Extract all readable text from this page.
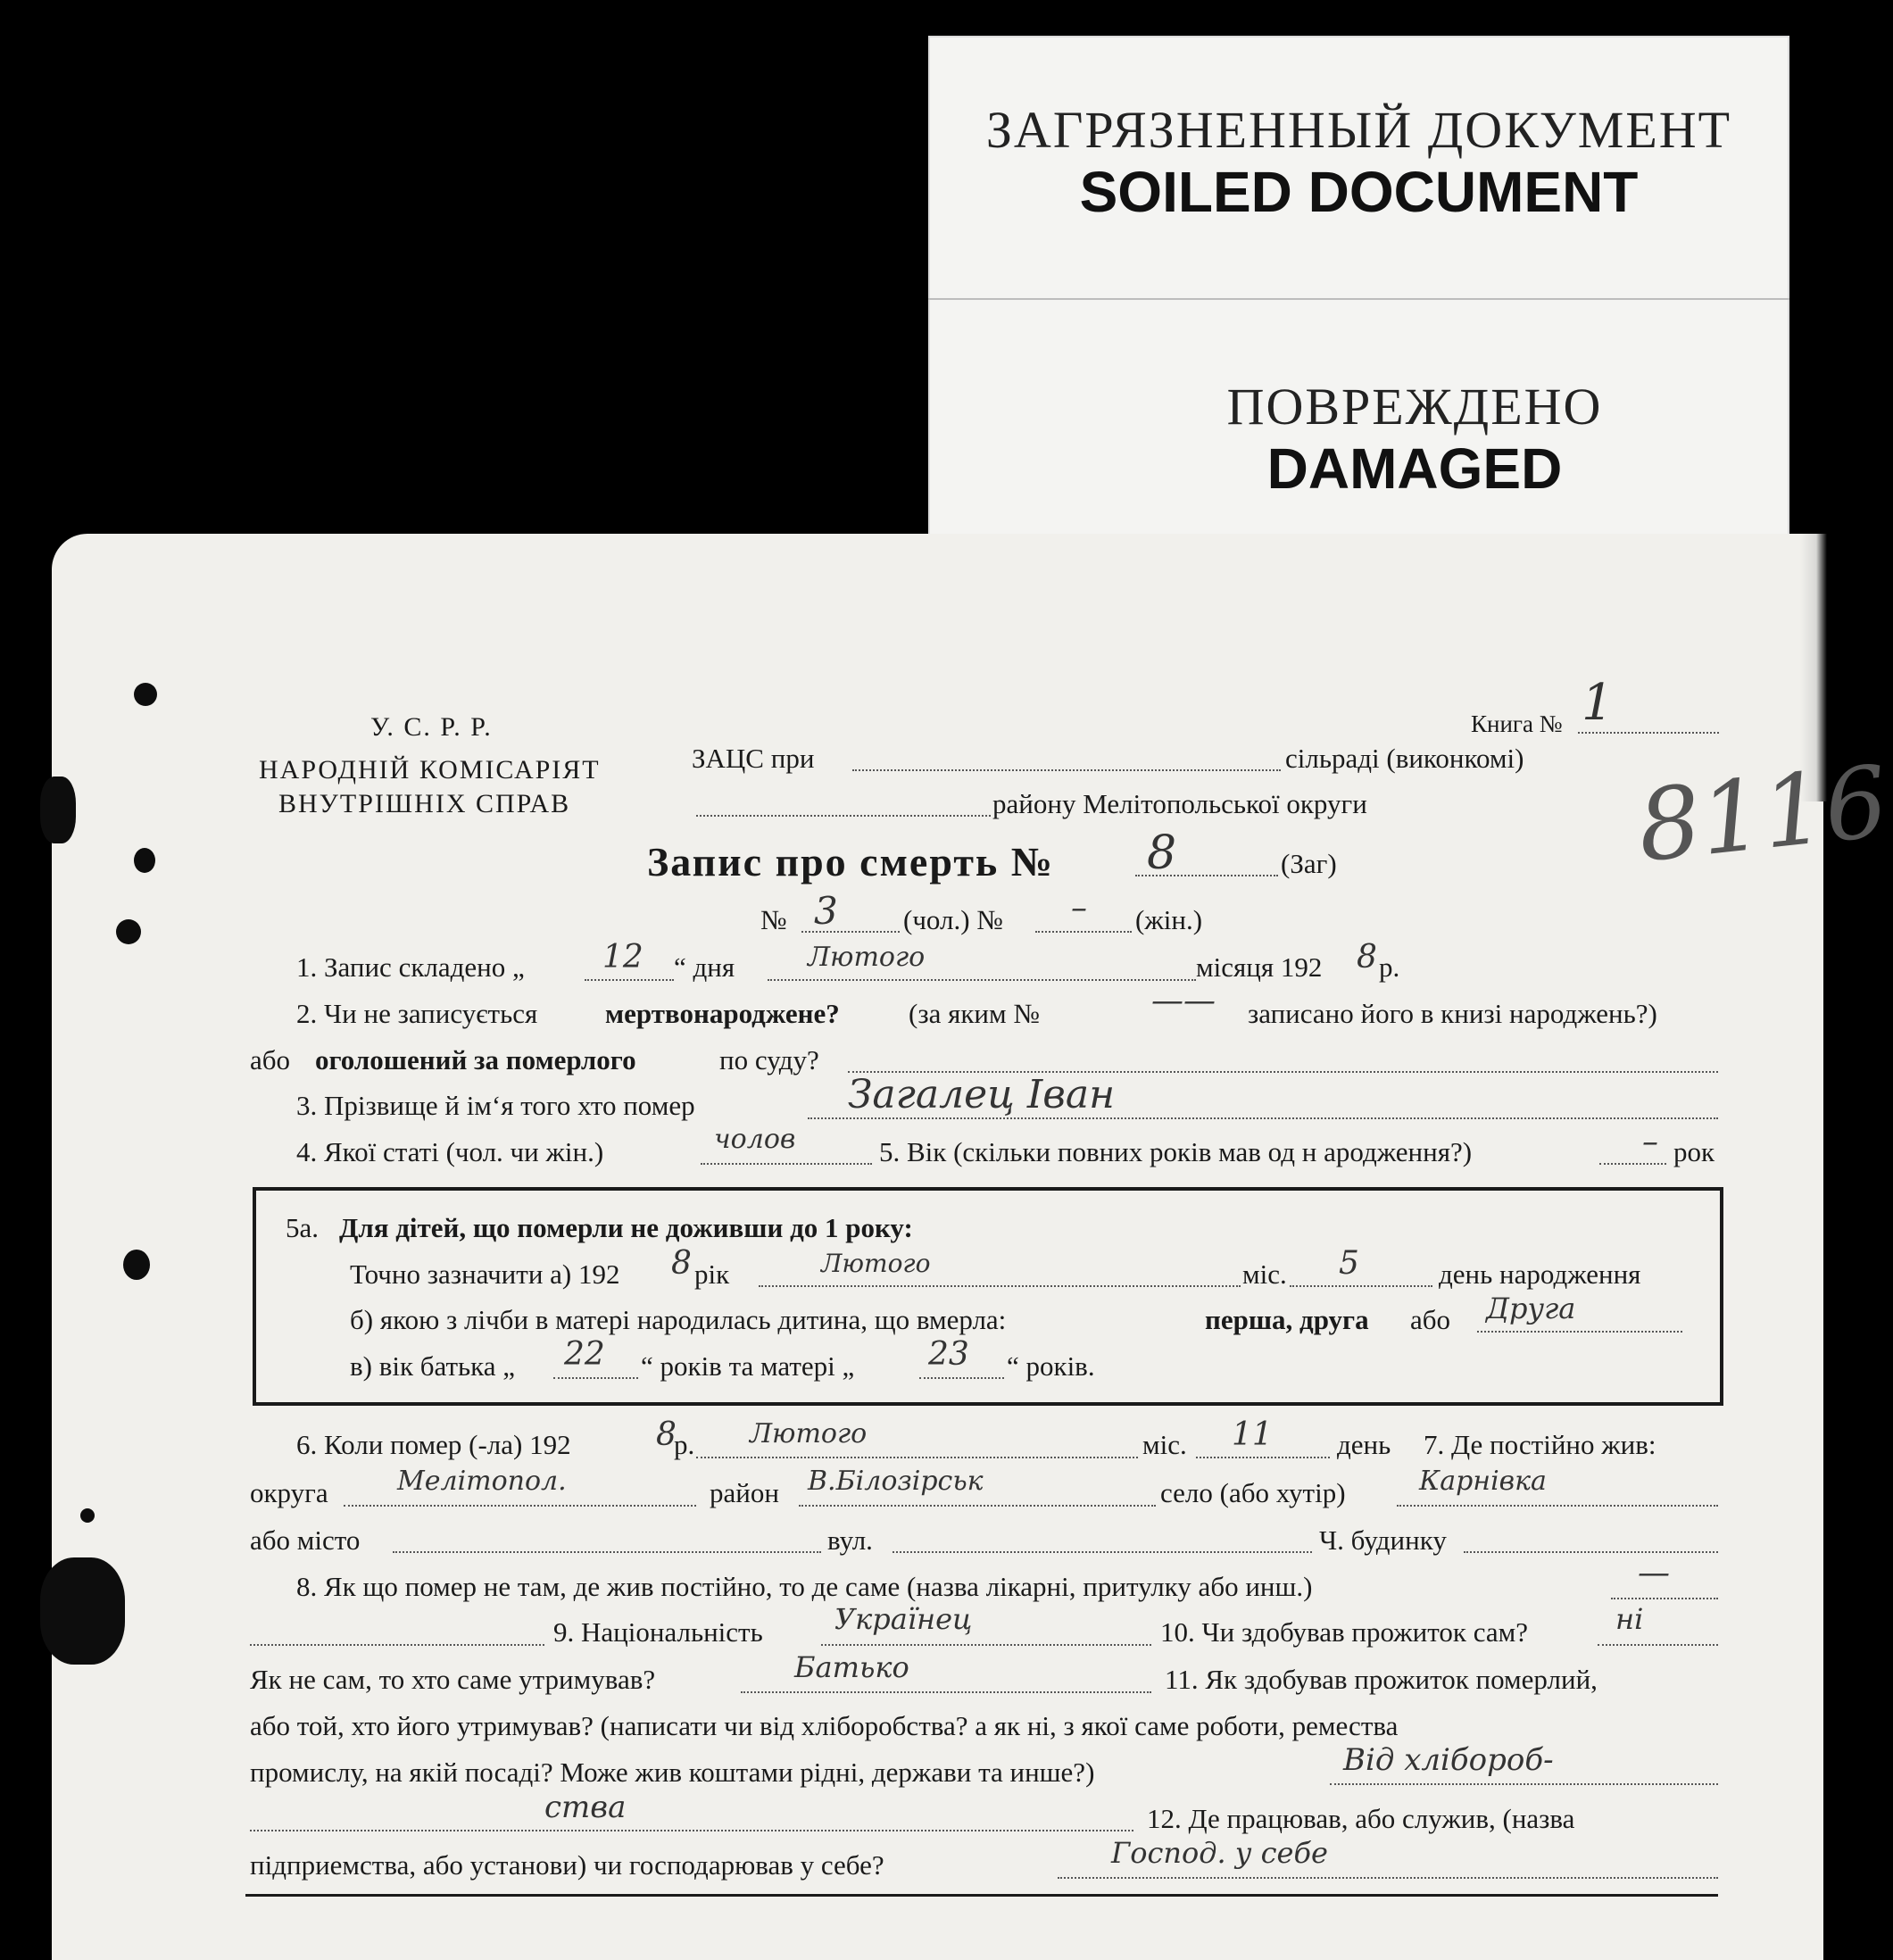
ЗАГРЯЗНЕННЫЙ ДОКУМЕНТ
SOILED DOCUMENT
ПОВРЕЖДЕНО
DAMAGED
У. С. Р. Р.
НАРОДНІЙ КОМІСАРІЯТ
ВНУТРІШНІХ СПРАВ
ЗАЦС при	сільраді (виконкомі)
району Мелітопольської округи
Книга № 1
8116
Запис про смерть № 8	(Заг)
№ 3 (чол.) № – (жін.)
1. Запис складено „ 12 “ дня	Лютого	місяця 192 8 р.
2. Чи не записується мертвонароджене? (за яким №	—— записано його в книзі народжень?)
або оголошений за померлого	по суду?
3. Прізвище й ім‘я того хто помер	Загалец Іван
4. Якої статі (чол. чи жін.)	чолов	5. Вік (скільки повних років мав од н ародження?)	– рок
5а. Для дітей, що померли не доживши до 1 року:
Точно зазначити а) 192 8 рік	Лютого	міс. 5	день народження
б) якою з лічби в матері народилась дитина, що вмерла:	перша, друга або Друга
в) вік батька „ 22 “ років та матері „ 23 “ років.
6. Коли помер (-ла) 192	8
р. Лютого	міс. 11 день 7. Де постійно жив:
округа	Мелітопол.	район В.Білозірськ	село (або хутір)	Карнівка
або місто	вул.	Ч. будинку
8. Як що помер не там, де жив постійно, то де саме (назва лікарні, притулку або инш.)	—
9. Національність	Українец	10. Чи здобував прожиток сам?	ні
Як не сам, то хто саме утримував?	Батько	11. Як здобував прожиток померлий,
або той, хто його утримував? (написати чи від хліборобства? а як ні, з якої саме роботи, ремества
промислу, на якій посаді? Може жив коштами рідні, держави та инше?)	Від хлібороб-
ства	12. Де працював, або служив, (назва
підприемства, або установи) чи господарював у себе?	Господ. у себе
